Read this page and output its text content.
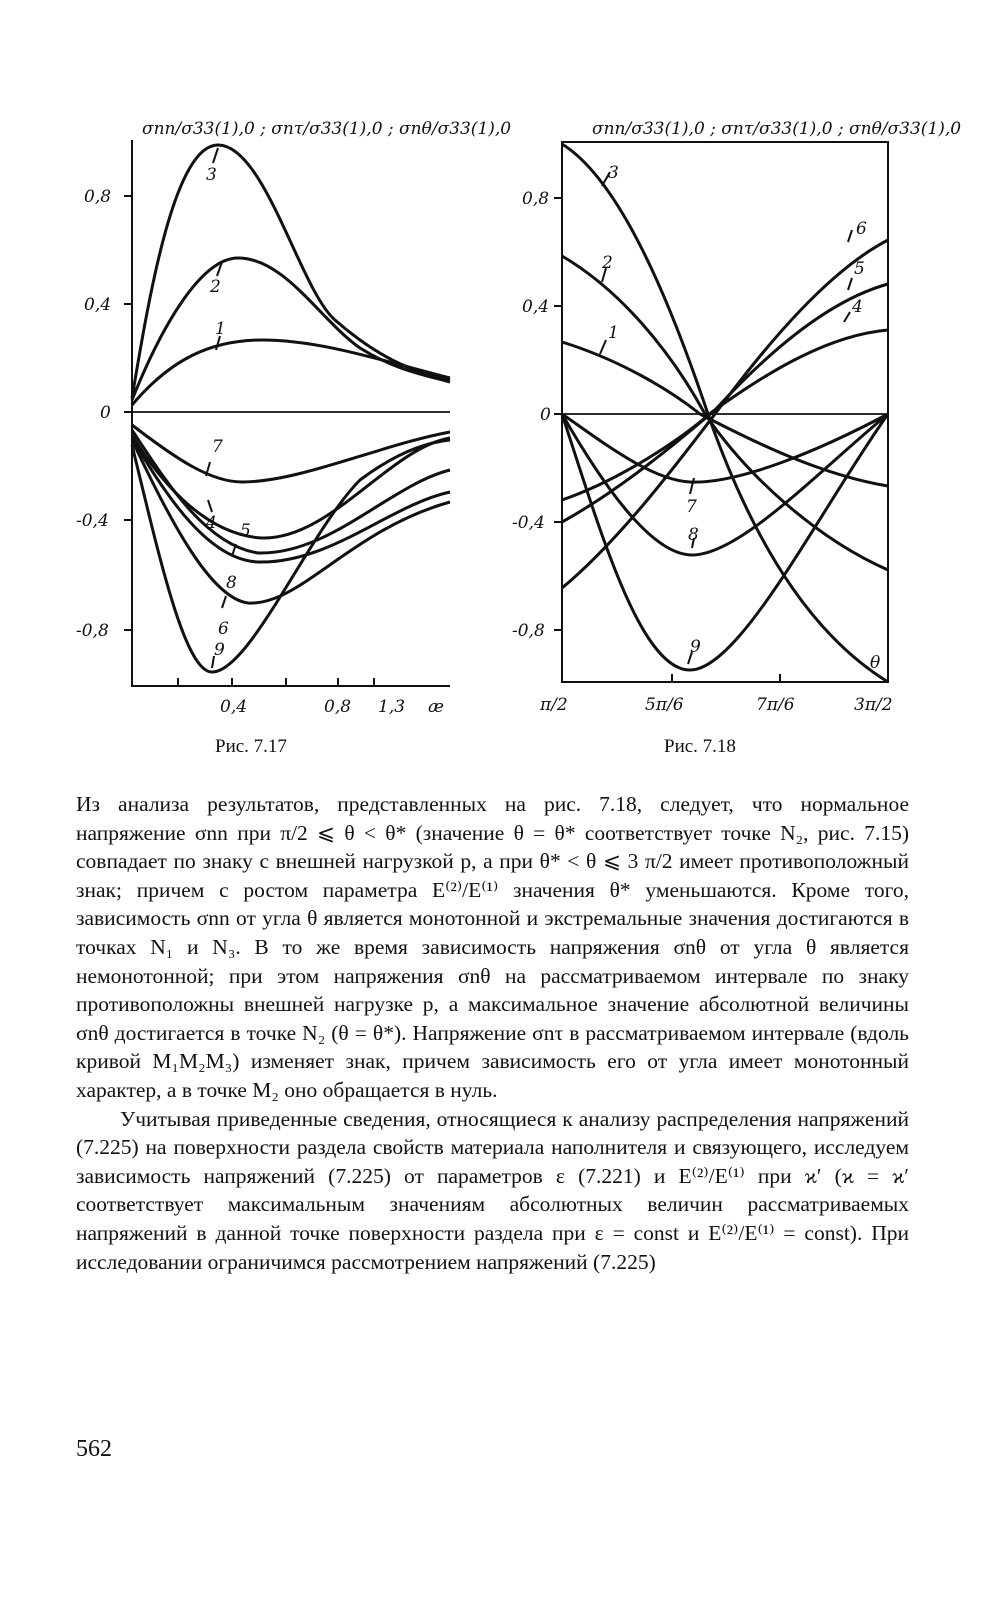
σnn/σ33(1),0 ; σnτ/σ33(1),0 ; σnθ/σ33(1),0
0,8
0,4
0
-0,4
-0,8
0,4	0,8 1,3 æ
3
2
1
7
4 5
8
6
9
Рис. 7.17
σnn/σ33(1),0 ; σnτ/σ33(1),0 ; σnθ/σ33(1),0
0,8
0,4
0
-0,4
-0,8
π/2	5π/6	7π/6	3π/2
3
2
1
6
5
4
7
8
9
θ
Рис. 7.18

Из анализа результатов, представленных на рис. 7.18, следует, что нормальное напряжение σnn при π/2 ⩽ θ < θ* (значение θ = θ* соответствует точке N₂, рис. 7.15) совпадает по знаку с внешней нагрузкой p, а при θ* < θ ⩽ 3 π/2 имеет противоположный знак; причем с ростом параметра E⁽²⁾/E⁽¹⁾ значения θ* уменьшаются. Кроме того, зависимость σnn от угла θ является монотонной и экстремальные значения достигаются в точках N₁ и N₃. В то же время зависимость напряжения σnθ от угла θ является немонотонной; при этом напряжения σnθ на рассматриваемом интервале по знаку противоположны внешней нагрузке p, а максимальное значение абсолютной величины σnθ достигается в точке N₂ (θ = θ*). Напряжение σnτ в рассматриваемом интервале (вдоль кривой M₁M₂M₃) изменяет знак, причем зависимость его от угла имеет монотонный характер, а в точке M₂ оно обращается в нуль.

Учитывая приведенные сведения, относящиеся к анализу распределения напряжений (7.225) на поверхности раздела свойств материала наполнителя и связующего, исследуем зависимость напряжений (7.225) от параметров ε (7.221) и E⁽²⁾/E⁽¹⁾ при ϰ′ (ϰ = ϰ′ соответствует максимальным значениям абсолютных величин рассматриваемых напряжений в данной точке поверхности раздела при ε = const и E⁽²⁾/E⁽¹⁾ = const). При исследовании ограничимся рассмотрением напряжений (7.225)

562
